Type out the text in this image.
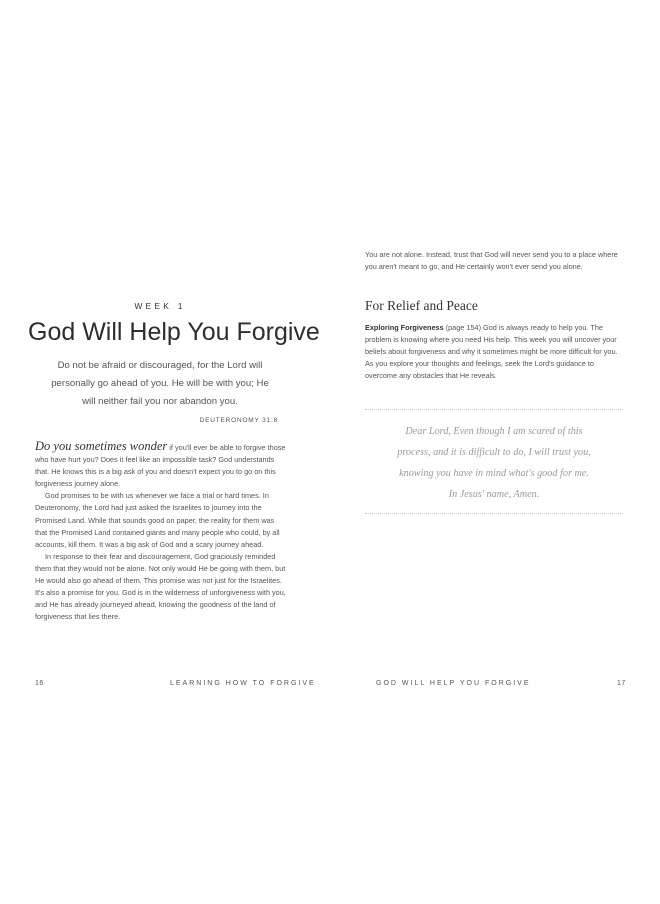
WEEK 1
God Will Help You Forgive
Do not be afraid or discouraged, for the Lord will
personally go ahead of you. He will be with you; He
will neither fail you nor abandon you.
DEUTERONOMY 31:8

Do you sometimes wonder if you'll ever be able to forgive those who have hurt you? Does it feel like an impossible task? God understands that. He knows this is a big ask of you and doesn't expect you to go on this forgiveness journey alone.

God promises to be with us whenever we face a trial or hard times. In Deuteronomy, the Lord had just asked the Israelites to journey into the Promised Land. While that sounds good on paper, the reality for them was that the Promised Land contained giants and many people who could, by all accounts, kill them. It was a big ask of God and a scary journey ahead.

In response to their fear and discouragement, God graciously reminded them that they would not be alone. Not only would He be going with them, but He would also go ahead of them. This promise was not just for the Israelites. It's also a promise for you. God is in the wilderness of unforgiveness with you, and He has already journeyed ahead, knowing the goodness of the land of forgiveness that lies there.

16	LEARNING HOW TO FORGIVE

You are not alone. Instead, trust that God will never send you to a place where you aren't meant to go, and He certainly won't ever send you alone.

For Relief and Peace

Exploring Forgiveness (page 154) God is always ready to help you. The problem is knowing where you need His help. This week you will uncover your beliefs about forgiveness and why it sometimes might be more difficult for you. As you explore your thoughts and feelings, seek the Lord's guidance to overcome any obstacles that He reveals.

Dear Lord, Even though I am scared of this
process, and it is difficult to do, I will trust you,
knowing you have in mind what's good for me.
In Jesus' name, Amen.
GOD WILL HELP YOU FORGIVE	17
